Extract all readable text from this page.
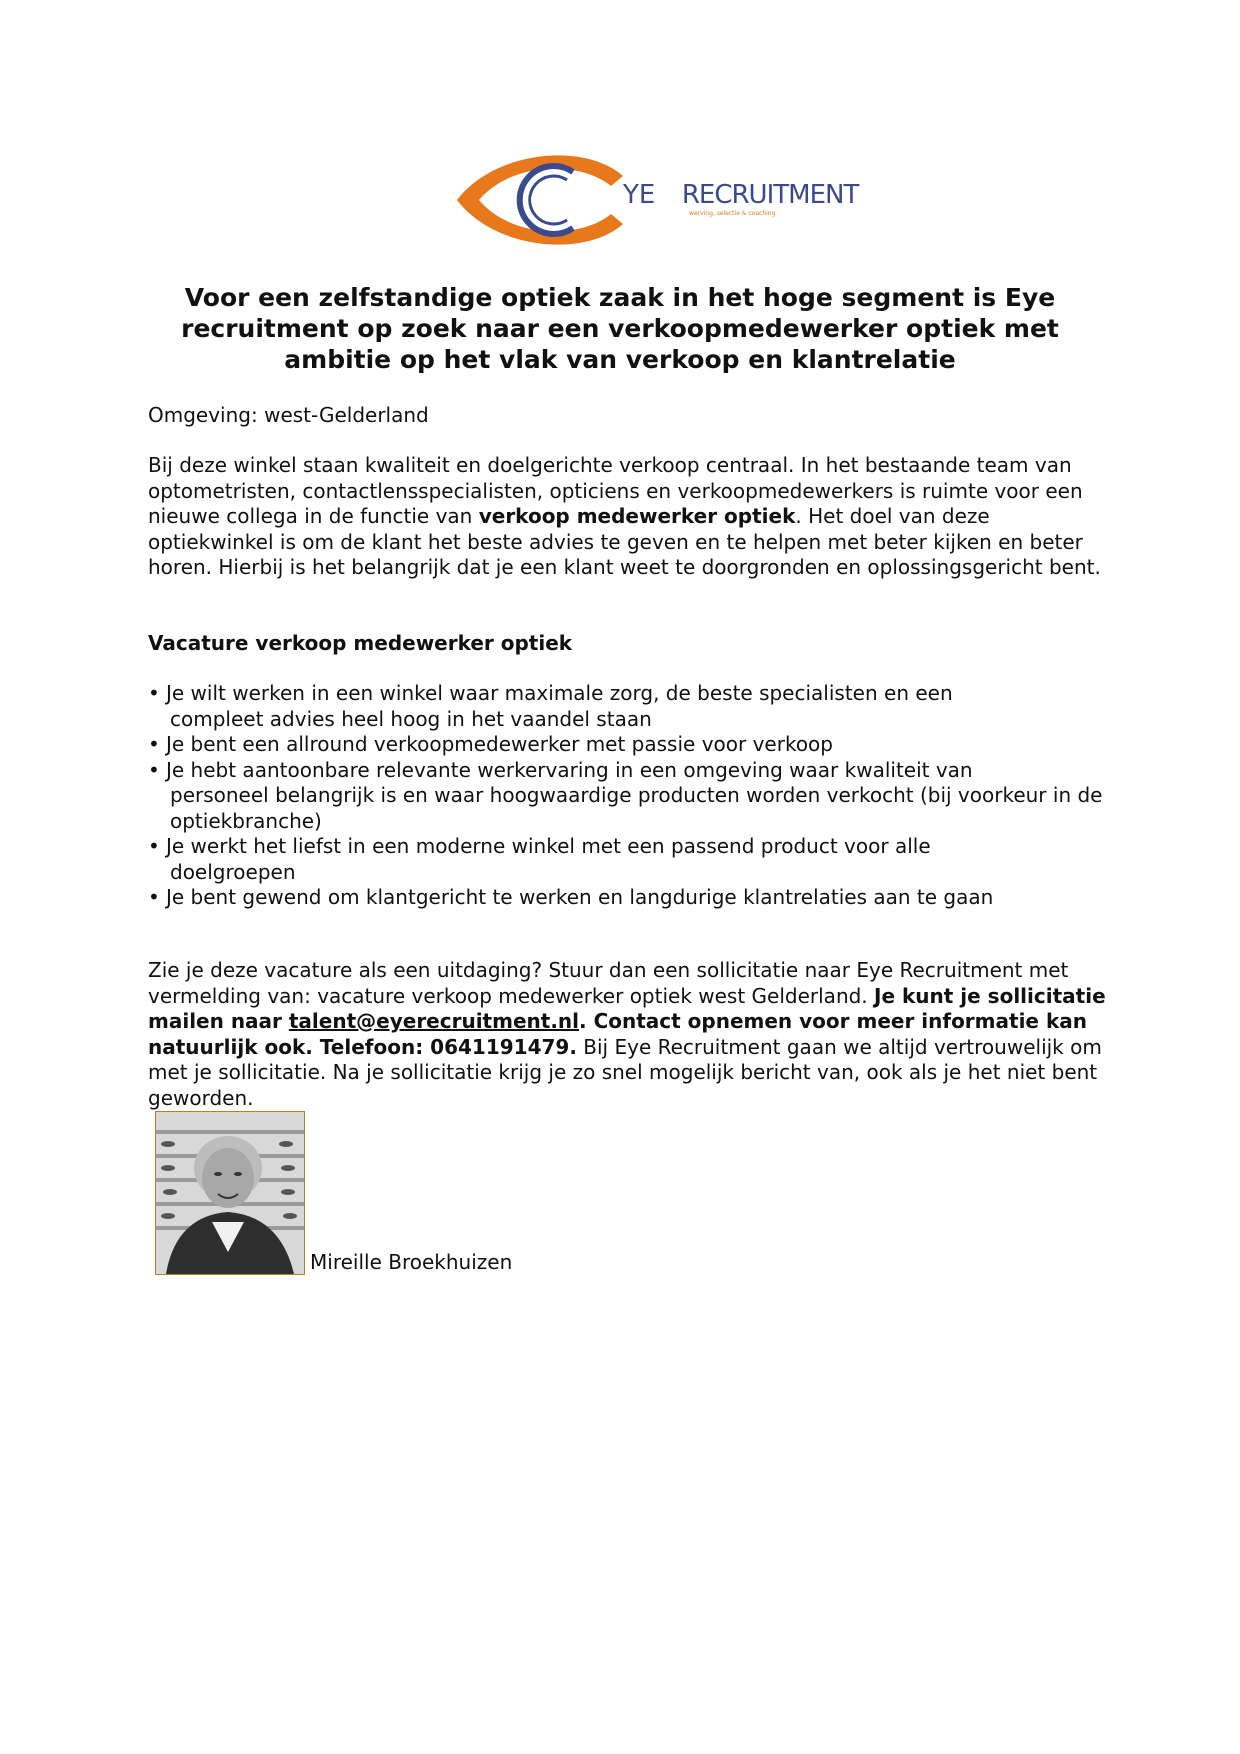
YE RECRUITMENT
werving, selectie & coaching
Voor een zelfstandige optiek zaak in het hoge segment is Eye recruitment op zoek naar een verkoopmedewerker optiek met ambitie op het vlak van verkoop en klantrelatie

Omgeving: west-Gelderland

Bij deze winkel staan kwaliteit en doelgerichte verkoop centraal. In het bestaande team van optometristen, contactlensspecialisten, opticiens en verkoopmedewerkers is ruimte voor een nieuwe collega in de functie van verkoop medewerker optiek. Het doel van deze optiekwinkel is om de klant het beste advies te geven en te helpen met beter kijken en beter horen. Hierbij is het belangrijk dat je een klant weet te doorgronden en oplossingsgericht bent.

Vacature verkoop medewerker optiek
• Je wilt werken in een winkel waar maximale zorg, de beste specialisten en een
compleet advies heel hoog in het vaandel staan
• Je bent een allround verkoopmedewerker met passie voor verkoop
• Je hebt aantoonbare relevante werkervaring in een omgeving waar kwaliteit van
personeel belangrijk is en waar hoogwaardige producten worden verkocht (bij voorkeur in de optiekbranche)
• Je werkt het liefst in een moderne winkel met een passend product voor alle
doelgroepen
• Je bent gewend om klantgericht te werken en langdurige klantrelaties aan te gaan

Zie je deze vacature als een uitdaging? Stuur dan een sollicitatie naar Eye Recruitment met vermelding van: vacature verkoop medewerker optiek west Gelderland. Je kunt je sollicitatie mailen naar talent@eyerecruitment.nl. Contact opnemen voor meer informatie kan natuurlijk ook. Telefoon: 0641191479. Bij Eye Recruitment gaan we altijd vertrouwelijk om met je sollicitatie. Na je sollicitatie krijg je zo snel mogelijk bericht van, ook als je het niet bent geworden.

Mireille Broekhuizen
